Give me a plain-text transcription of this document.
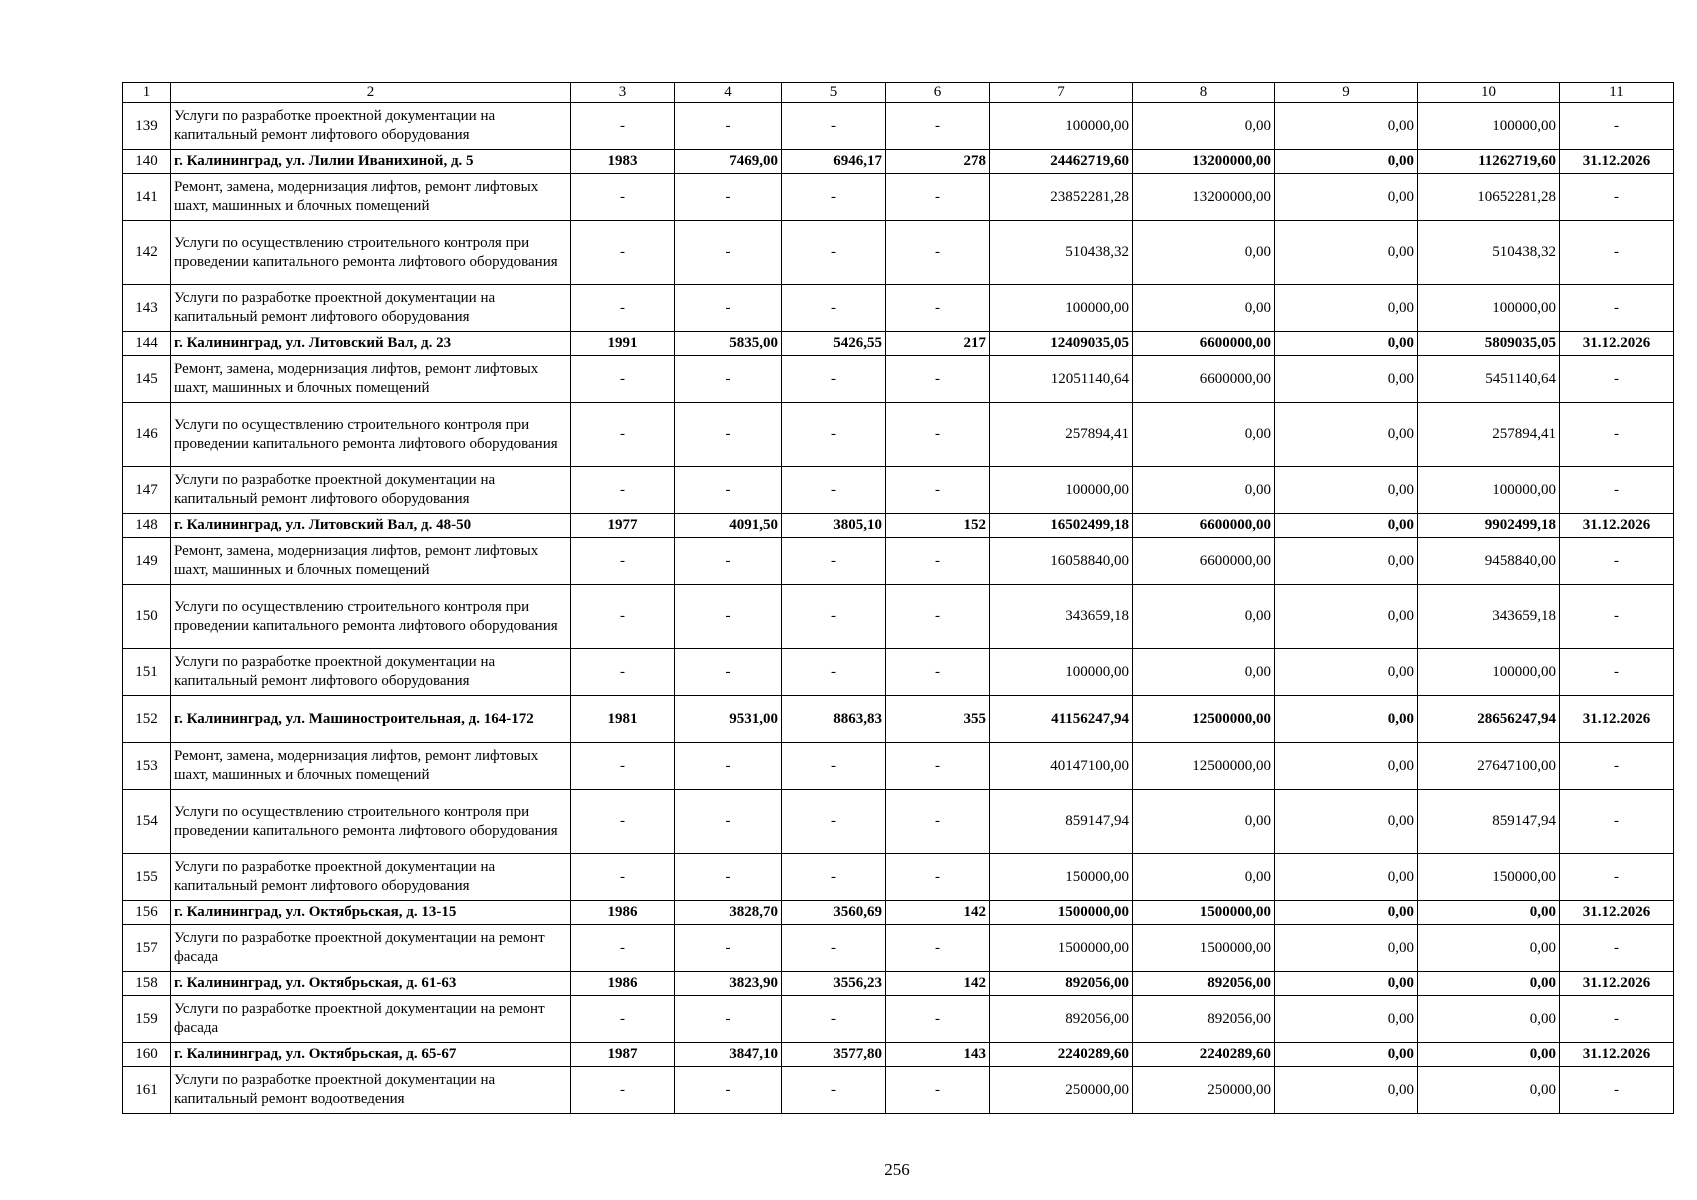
1	2	3	4	5	6	7	8	9	10	11
139	Услуги по разработке проектной документации на капитальный ремонт лифтового оборудования	-	-	-	-	100000,00	0,00	0,00	100000,00	-
140	г. Калининград, ул. Лилии Иванихиной, д. 5	1983	7469,00	6946,17	278	24462719,60	13200000,00	0,00	11262719,60	31.12.2026
141	Ремонт, замена, модернизация лифтов, ремонт лифтовых шахт, машинных и блочных помещений	-	-	-	-	23852281,28	13200000,00	0,00	10652281,28	-
142	Услуги по осуществлению строительного контроля при проведении капитального ремонта лифтового оборудования	-	-	-	-	510438,32	0,00	0,00	510438,32	-
143	Услуги по разработке проектной документации на капитальный ремонт лифтового оборудования	-	-	-	-	100000,00	0,00	0,00	100000,00	-
144	г. Калининград, ул. Литовский Вал, д. 23	1991	5835,00	5426,55	217	12409035,05	6600000,00	0,00	5809035,05	31.12.2026
145	Ремонт, замена, модернизация лифтов, ремонт лифтовых шахт, машинных и блочных помещений	-	-	-	-	12051140,64	6600000,00	0,00	5451140,64	-
146	Услуги по осуществлению строительного контроля при проведении капитального ремонта лифтового оборудования	-	-	-	-	257894,41	0,00	0,00	257894,41	-
147	Услуги по разработке проектной документации на капитальный ремонт лифтового оборудования	-	-	-	-	100000,00	0,00	0,00	100000,00	-
148	г. Калининград, ул. Литовский Вал, д. 48-50	1977	4091,50	3805,10	152	16502499,18	6600000,00	0,00	9902499,18	31.12.2026
149	Ремонт, замена, модернизация лифтов, ремонт лифтовых шахт, машинных и блочных помещений	-	-	-	-	16058840,00	6600000,00	0,00	9458840,00	-
150	Услуги по осуществлению строительного контроля при проведении капитального ремонта лифтового оборудования	-	-	-	-	343659,18	0,00	0,00	343659,18	-
151	Услуги по разработке проектной документации на капитальный ремонт лифтового оборудования	-	-	-	-	100000,00	0,00	0,00	100000,00	-
152	г. Калининград, ул. Машиностроительная, д. 164-172	1981	9531,00	8863,83	355	41156247,94	12500000,00	0,00	28656247,94	31.12.2026
153	Ремонт, замена, модернизация лифтов, ремонт лифтовых шахт, машинных и блочных помещений	-	-	-	-	40147100,00	12500000,00	0,00	27647100,00	-
154	Услуги по осуществлению строительного контроля при проведении капитального ремонта лифтового оборудования	-	-	-	-	859147,94	0,00	0,00	859147,94	-
155	Услуги по разработке проектной документации на капитальный ремонт лифтового оборудования	-	-	-	-	150000,00	0,00	0,00	150000,00	-
156	г. Калининград, ул. Октябрьская, д. 13-15	1986	3828,70	3560,69	142	1500000,00	1500000,00	0,00	0,00	31.12.2026
157	Услуги по разработке проектной документации на ремонт фасада	-	-	-	-	1500000,00	1500000,00	0,00	0,00	-
158	г. Калининград, ул. Октябрьская, д. 61-63	1986	3823,90	3556,23	142	892056,00	892056,00	0,00	0,00	31.12.2026
159	Услуги по разработке проектной документации на ремонт фасада	-	-	-	-	892056,00	892056,00	0,00	0,00	-
160	г. Калининград, ул. Октябрьская, д. 65-67	1987	3847,10	3577,80	143	2240289,60	2240289,60	0,00	0,00	31.12.2026
161	Услуги по разработке проектной документации на капитальный ремонт водоотведения	-	-	-	-	250000,00	250000,00	0,00	0,00	-
256
